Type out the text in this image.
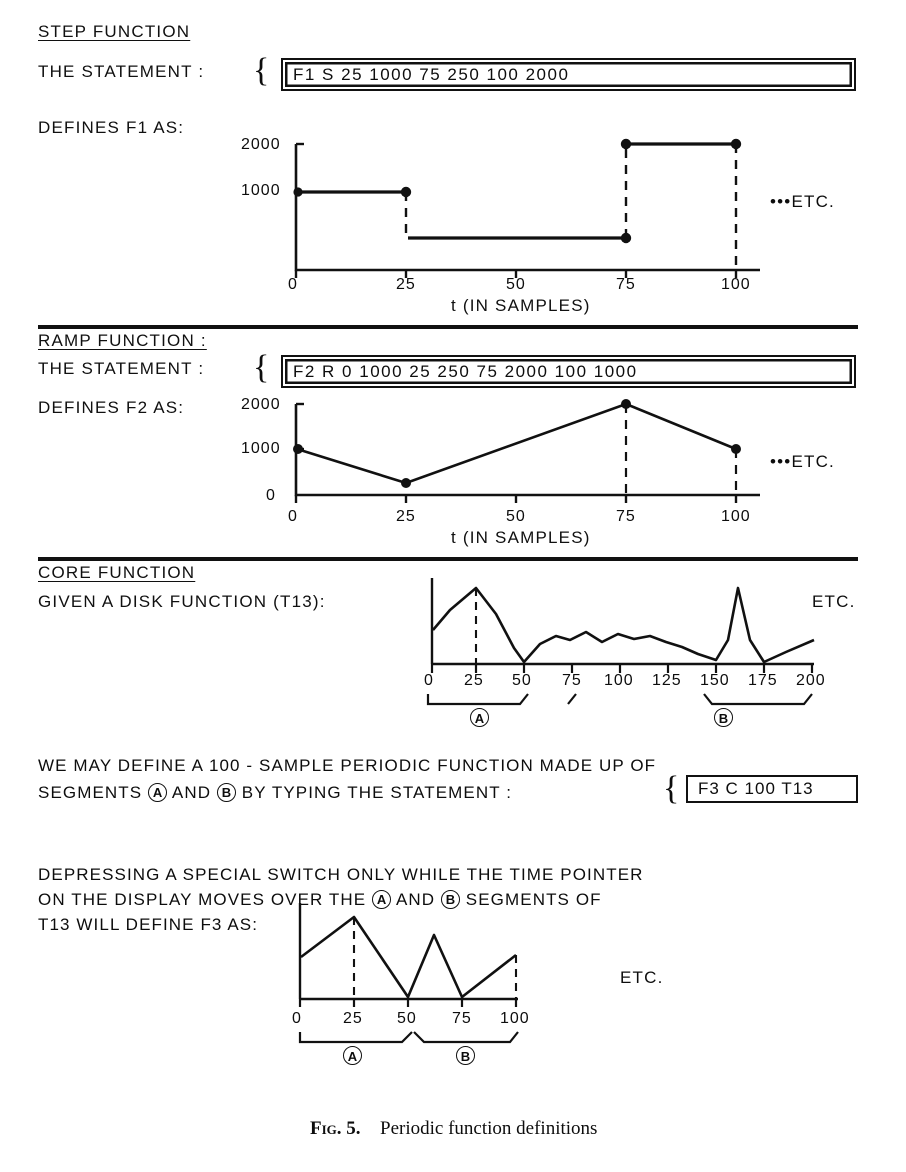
STEP FUNCTION
THE STATEMENT : {	F1 S 25 1000 75 250 100 2000
DEFINES F1 AS:
2000
1000
0	25	50	75	100
t (IN SAMPLES)
•••ETC.
RAMP FUNCTION :
THE STATEMENT : {	F2 R 0 1000 25 250 75 2000 100 1000
DEFINES F2 AS:	2000
1000
0
0	25	50	75	100
t (IN SAMPLES)
•••ETC.
CORE FUNCTION
GIVEN A DISK FUNCTION (T13):
0 25 50 75 100 125 150 175 200
A	B
ETC.
WE MAY DEFINE A 100 - SAMPLE PERIODIC FUNCTION MADE UP OF
SEGMENTS A AND B BY TYPING THE STATEMENT :	{	F3 C 100 T13
DEPRESSING A SPECIAL SWITCH ONLY WHILE THE TIME POINTER
ON THE DISPLAY MOVES OVER THE A AND B SEGMENTS OF
T13 WILL DEFINE F3 AS:
0	25 50 75 100
A	B
ETC.
Fig. 5. Periodic function definitions
